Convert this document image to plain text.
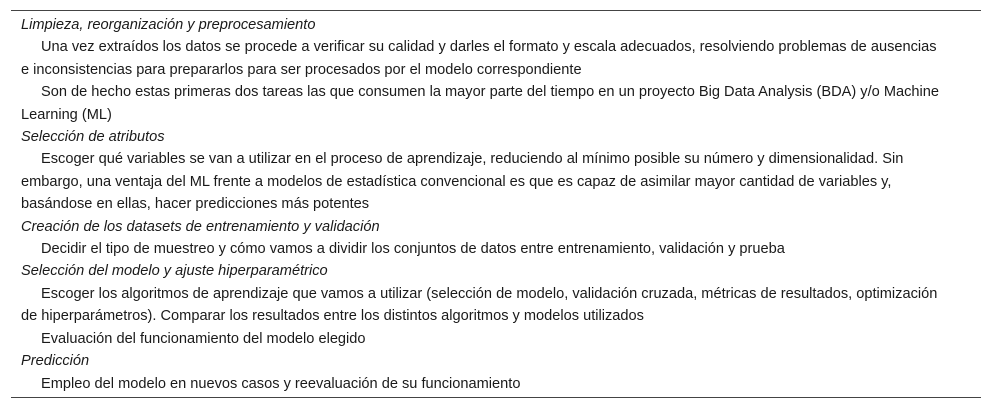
Limpieza, reorganización y preprocesamiento
Una vez extraídos los datos se procede a verificar su calidad y darles el formato y escala adecuados, resolviendo problemas de ausencias e inconsistencias para prepararlos para ser procesados por el modelo correspondiente
Son de hecho estas primeras dos tareas las que consumen la mayor parte del tiempo en un proyecto Big Data Analysis (BDA) y/o Machine Learning (ML)
Selección de atributos
Escoger qué variables se van a utilizar en el proceso de aprendizaje, reduciendo al mínimo posible su número y dimensionalidad. Sin embargo, una ventaja del ML frente a modelos de estadística convencional es que es capaz de asimilar mayor cantidad de variables y, basándose en ellas, hacer predicciones más potentes
Creación de los datasets de entrenamiento y validación
Decidir el tipo de muestreo y cómo vamos a dividir los conjuntos de datos entre entrenamiento, validación y prueba
Selección del modelo y ajuste hiperparamétrico
Escoger los algoritmos de aprendizaje que vamos a utilizar (selección de modelo, validación cruzada, métricas de resultados, optimización de hiperparámetros). Comparar los resultados entre los distintos algoritmos y modelos utilizados
Evaluación del funcionamiento del modelo elegido
Predicción
Empleo del modelo en nuevos casos y reevaluación de su funcionamiento
